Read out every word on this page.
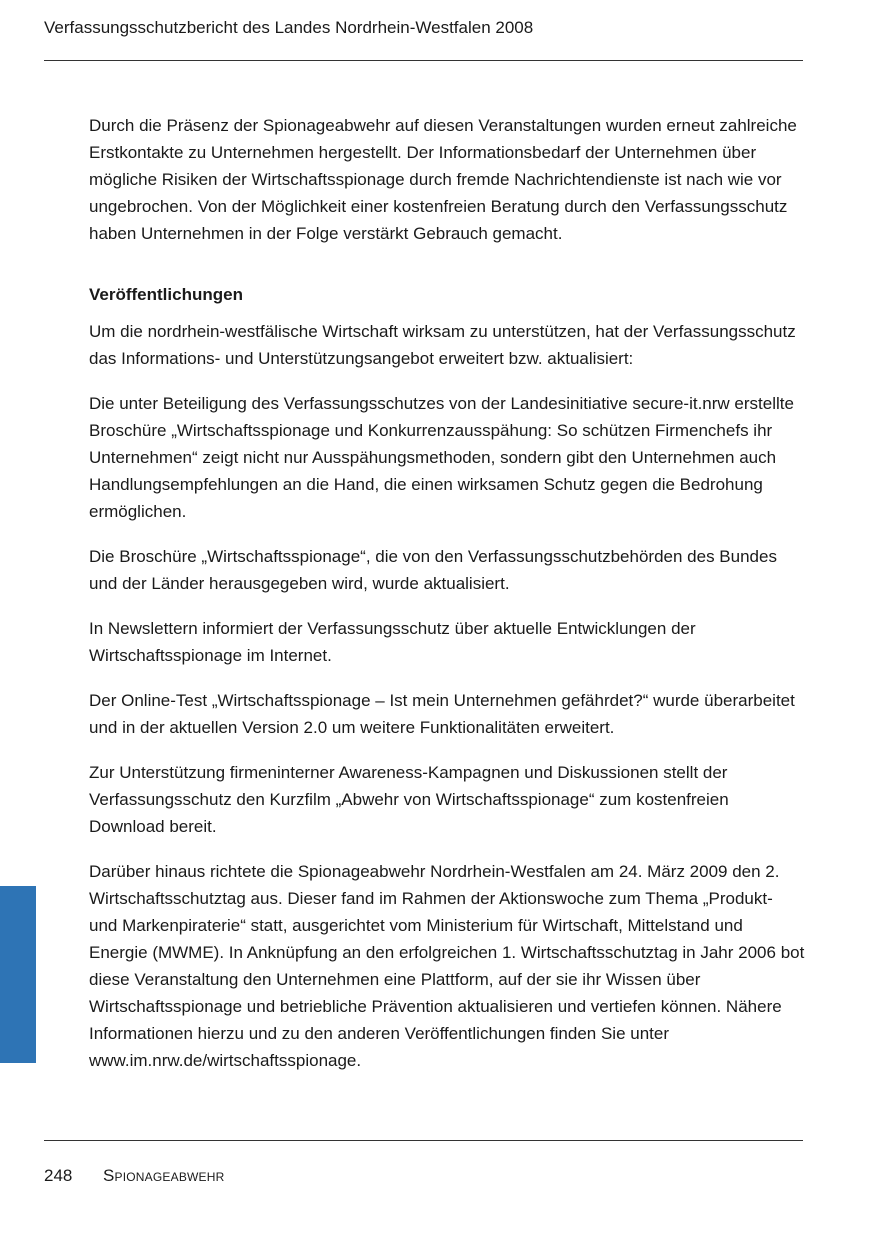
Verfassungsschutzbericht des Landes Nordrhein-Westfalen 2008

Durch die Präsenz der Spionageabwehr auf diesen Veranstaltungen wurden erneut zahlreiche Erstkontakte zu Unternehmen hergestellt. Der Informationsbedarf der Unternehmen über mögliche Risiken der Wirtschaftsspionage durch fremde Nachrichtendienste ist nach wie vor ungebrochen. Von der Möglichkeit einer kostenfreien Beratung durch den Verfassungsschutz haben Unternehmen in der Folge verstärkt Gebrauch gemacht.

Veröffentlichungen

Um die nordrhein-westfälische Wirtschaft wirksam zu unterstützen, hat der Verfassungsschutz das Informations- und Unterstützungsangebot erweitert bzw. aktualisiert:

Die unter Beteiligung des Verfassungsschutzes von der Landesinitiative secure-it.nrw erstellte Broschüre „Wirtschaftsspionage und Konkurrenzausspähung: So schützen Firmenchefs ihr Unternehmen“ zeigt nicht nur Ausspähungsmethoden, sondern gibt den Unternehmen auch Handlungsempfehlungen an die Hand, die einen wirksamen Schutz gegen die Bedrohung ermöglichen.

Die Broschüre „Wirtschaftsspionage“, die von den Verfassungsschutzbehörden des Bundes und der Länder herausgegeben wird, wurde aktualisiert.

In Newslettern informiert der Verfassungsschutz über aktuelle Entwicklungen der Wirtschaftsspionage im Internet.

Der Online-Test „Wirtschaftsspionage – Ist mein Unternehmen gefährdet?“ wurde überarbeitet und in der aktuellen Version 2.0 um weitere Funktionalitäten erweitert.

Zur Unterstützung firmeninterner Awareness-Kampagnen und Diskussionen stellt der Verfassungsschutz den Kurzfilm „Abwehr von Wirtschaftsspionage“ zum kostenfreien Download bereit.

Darüber hinaus richtete die Spionageabwehr Nordrhein-Westfalen am 24. März 2009 den 2. Wirtschaftsschutztag aus. Dieser fand im Rahmen der Aktionswoche zum Thema „Produkt- und Markenpiraterie“ statt, ausgerichtet vom Ministerium für Wirtschaft, Mittelstand und Energie (MWME). In Anknüpfung an den erfolgreichen 1. Wirtschaftsschutztag in Jahr 2006 bot diese Veranstaltung den Unternehmen eine Plattform, auf der sie ihr Wissen über Wirtschaftsspionage und betriebliche Prävention aktualisieren und vertiefen können. Nähere Informationen hierzu und zu den anderen Veröffentlichungen finden Sie unter www.im.nrw.de/wirtschaftsspionage.

248 Spionageabwehr
